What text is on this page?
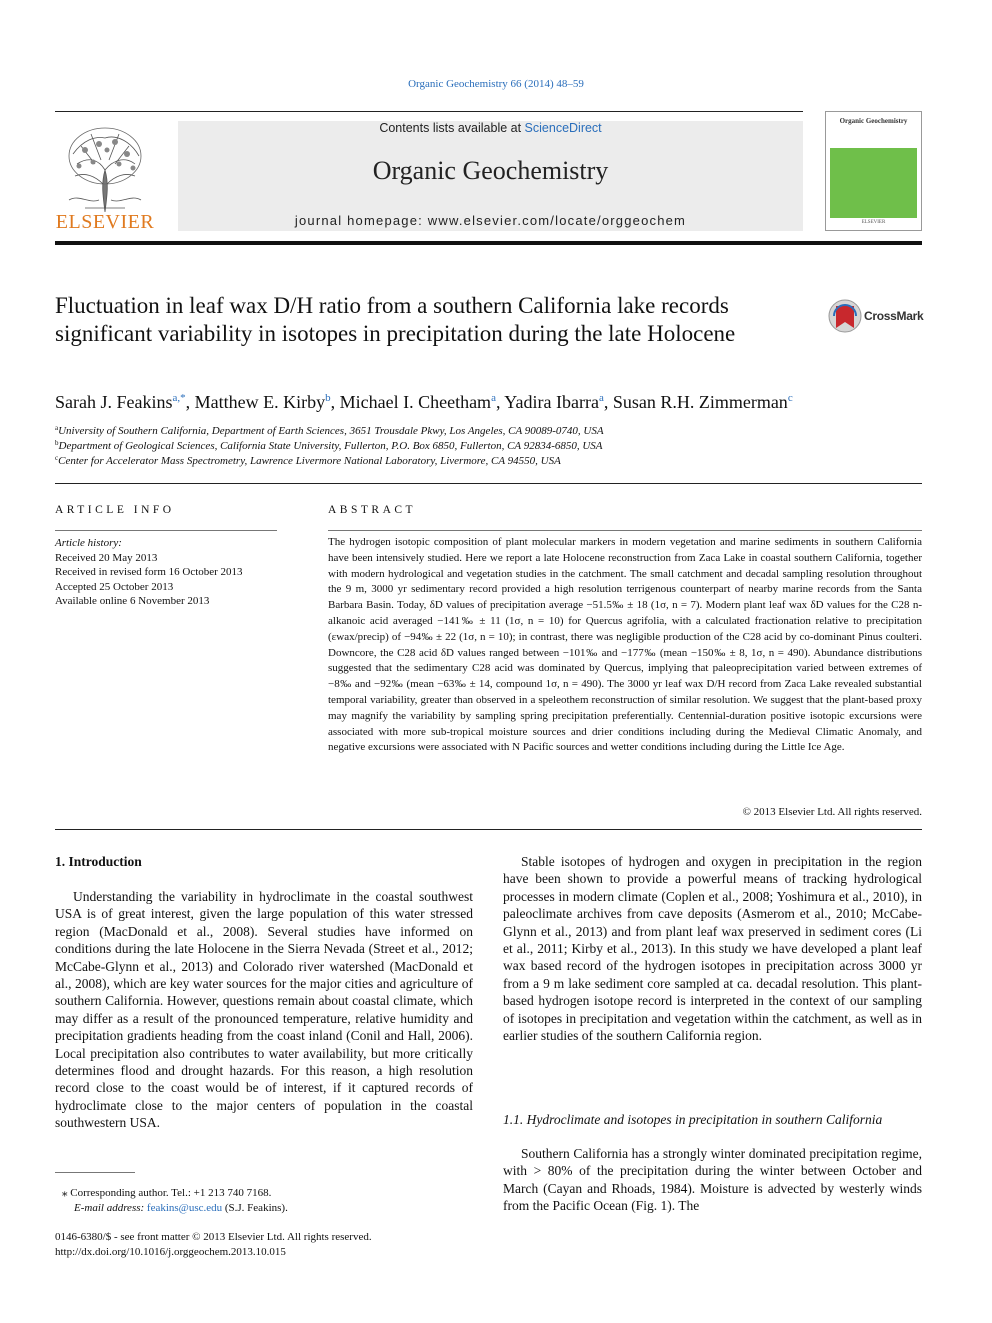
Organic Geochemistry 66 (2014) 48–59
ELSEVIER
Contents lists available at ScienceDirect
Organic Geochemistry
journal homepage: www.elsevier.com/locate/orggeochem
Organic Geochemistry
ELSEVIER
Fluctuation in leaf wax D/H ratio from a southern California lake records significant variability in isotopes in precipitation during the late Holocene
CrossMark
Sarah J. Feakins$^{a,*}$, Matthew E. Kirby$^b$, Michael I. Cheetham$^a$, Yadira Ibarra$^a$, Susan R.H. Zimmerman$^c$
$^a$University of Southern California, Department of Earth Sciences, 3651 Trousdale Pkwy, Los Angeles, CA 90089-0740, USA
$^b$Department of Geological Sciences, California State University, Fullerton, P.O. Box 6850, Fullerton, CA 92834-6850, USA
$^c$Center for Accelerator Mass Spectrometry, Lawrence Livermore National Laboratory, Livermore, CA 94550, USA
ARTICLE INFO
Article history:
Received 20 May 2013
Received in revised form 16 October 2013
Accepted 25 October 2013
Available online 6 November 2013
ABSTRACT
The hydrogen isotopic composition of plant molecular markers in modern vegetation and marine sediments in southern California have been intensively studied. Here we report a late Holocene reconstruction from Zaca Lake in coastal southern California, together with modern hydrological and vegetation studies in the catchment. The small catchment and decadal sampling resolution throughout the 9 m, 3000 yr sedimentary record provided a high resolution terrigenous counterpart of nearby marine records from the Santa Barbara Basin. Today, δD values of precipitation average −51.5‰ ± 18 (1σ, n = 7). Modern plant leaf wax δD values for the C28 n-alkanoic acid averaged −141‰ ± 11 (1σ, n = 10) for Quercus agrifolia, with a calculated fractionation relative to precipitation (εwax/precip) of −94‰ ± 22 (1σ, n = 10); in contrast, there was negligible production of the C28 acid by co-dominant Pinus coulteri. Downcore, the C28 acid δD values ranged between −101‰ and −177‰ (mean −150‰ ± 8, 1σ, n = 490). Abundance distributions suggested that the sedimentary C28 acid was dominated by Quercus, implying that paleoprecipitation varied between extremes of −8‰ and −92‰ (mean −63‰ ± 14, compound 1σ, n = 490). The 3000 yr leaf wax D/H record from Zaca Lake revealed substantial temporal variability, greater than observed in a speleothem reconstruction of similar resolution. We suggest that the plant-based proxy may magnify the variability by sampling spring precipitation preferentially. Centennial-duration positive isotopic excursions were associated with more sub-tropical moisture sources and drier conditions including during the Medieval Climatic Anomaly, and negative excursions were associated with N Pacific sources and wetter conditions including during the Little Ice Age.
© 2013 Elsevier Ltd. All rights reserved.
1. Introduction
Understanding the variability in hydroclimate in the coastal southwest USA is of great interest, given the large population of this water stressed region (MacDonald et al., 2008). Several studies have informed on conditions during the late Holocene in the Sierra Nevada (Street et al., 2012; McCabe-Glynn et al., 2013) and Colorado river watershed (MacDonald et al., 2008), which are key water sources for the major cities and agriculture of southern California. However, questions remain about coastal climate, which may differ as a result of the pronounced temperature, relative humidity and precipitation gradients heading from the coast inland (Conil and Hall, 2006). Local precipitation also contributes to water availability, but more critically determines flood and drought hazards. For this reason, a high resolution record close to the coast would be of interest, if it captured records of hydroclimate close to the major centers of population in the coastal southwestern USA.
Stable isotopes of hydrogen and oxygen in precipitation in the region have been shown to provide a powerful means of tracking hydrological processes in modern climate (Coplen et al., 2008; Yoshimura et al., 2010), in paleoclimate archives from cave deposits (Asmerom et al., 2010; McCabe-Glynn et al., 2013) and from plant leaf wax preserved in sediment cores (Li et al., 2011; Kirby et al., 2013). In this study we have developed a plant leaf wax based record of the hydrogen isotopes in precipitation across 3000 yr from a 9 m lake sediment core sampled at ca. decadal resolution. This plant-based hydrogen isotope record is interpreted in the context of our sampling of isotopes in precipitation and vegetation within the catchment, as well as in earlier studies of the southern California region.
1.1. Hydroclimate and isotopes in precipitation in southern California
Southern California has a strongly winter dominated precipitation regime, with > 80% of the precipitation during the winter between October and March (Cayan and Rhoads, 1984). Moisture is advected by westerly winds from the Pacific Ocean (Fig. 1). The
⁎ Corresponding author. Tel.: +1 213 740 7168.
E-mail address: feakins@usc.edu (S.J. Feakins).
0146-6380/$ - see front matter © 2013 Elsevier Ltd. All rights reserved.
http://dx.doi.org/10.1016/j.orggeochem.2013.10.015
